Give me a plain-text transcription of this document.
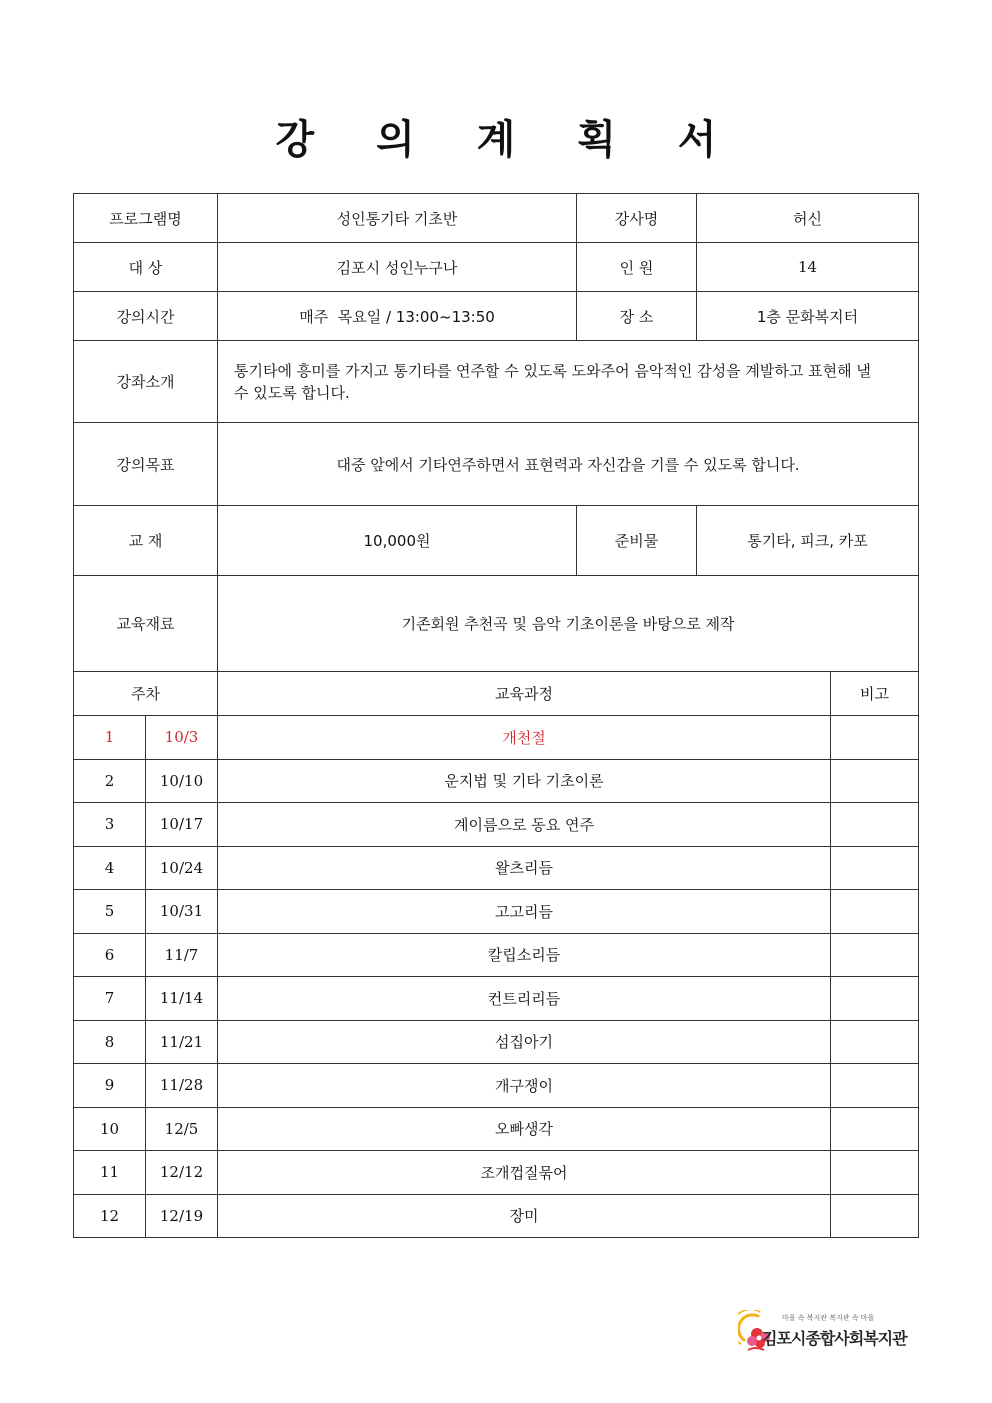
강 의 계 획 서
프로그램명		성인통기타 기초반	강사명	허신	
대 상		김포시 성인누구나	인 원	14	
강의시간		매주  목요일 / 13:00~13:50	장 소	1층 문화복지터	
강좌소개		통기타에 흥미를 가지고 통기타를 연주할 수 있도록 도와주어 음악적인 감성을 계발하고 표현해 낼 수 있도록 합니다.			
강의목표		대중 앞에서 기타연주하면서 표현력과 자신감을 기를 수 있도록 합니다.			
교 재		10,000원	준비물	통기타, 피크, 카포	
교육재료		기존회원 추천곡 및 음악 기초이론을 바탕으로 제작			
주차		교육과정			비고
1	10/3	개천절			
2	10/10	운지법 및 기타 기초이론			
3	10/17	계이름으로 동요 연주			
4	10/24	왈츠리듬			
5	10/31	고고리듬			
6	11/7	칼립소리듬			
7	11/14	컨트리리듬			
8	11/21	섬집아기			
9	11/28	개구쟁이			
10	12/5	오빠생각			
11	12/12	조개껍질묶어			
12	12/19	장미			
마을 속 복지관 복지관 속 마을
김포시종합사회복지관
